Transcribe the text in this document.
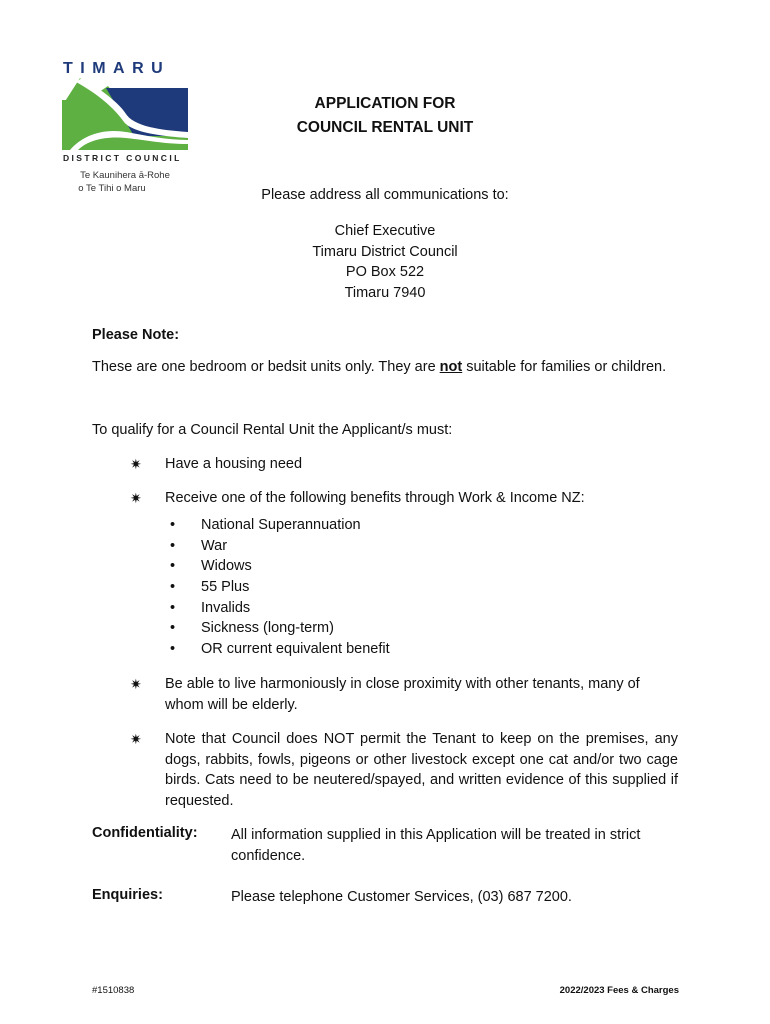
TIMARU
DISTRICT COUNCIL
Te Kaunihera ā-Rohe
o Te Tihi o Maru
APPLICATION FOR
COUNCIL RENTAL UNIT
Please address all communications to:
Chief Executive
Timaru District Council
PO Box 522
Timaru 7940
Please Note:
These are one bedroom or bedsit units only. They are not suitable for families or children.
To qualify for a Council Rental Unit the Applicant/s must:
✷ Have a housing need
✷ Receive one of the following benefits through Work & Income NZ:
• National Superannuation
• War
• Widows
• 55 Plus
• Invalids
• Sickness (long-term)
• OR current equivalent benefit
✷ Be able to live harmoniously in close proximity with other tenants, many of whom will be elderly.
✷ Note that Council does NOT permit the Tenant to keep on the premises, any dogs, rabbits, fowls, pigeons or other livestock except one cat and/or two cage birds. Cats need to be neutered/spayed, and written evidence of this supplied if requested.
Confidentiality: All information supplied in this Application will be treated in strict confidence.
Enquiries:	Please telephone Customer Services, (03) 687 7200.
#1510838	2022/2023 Fees & Charges
